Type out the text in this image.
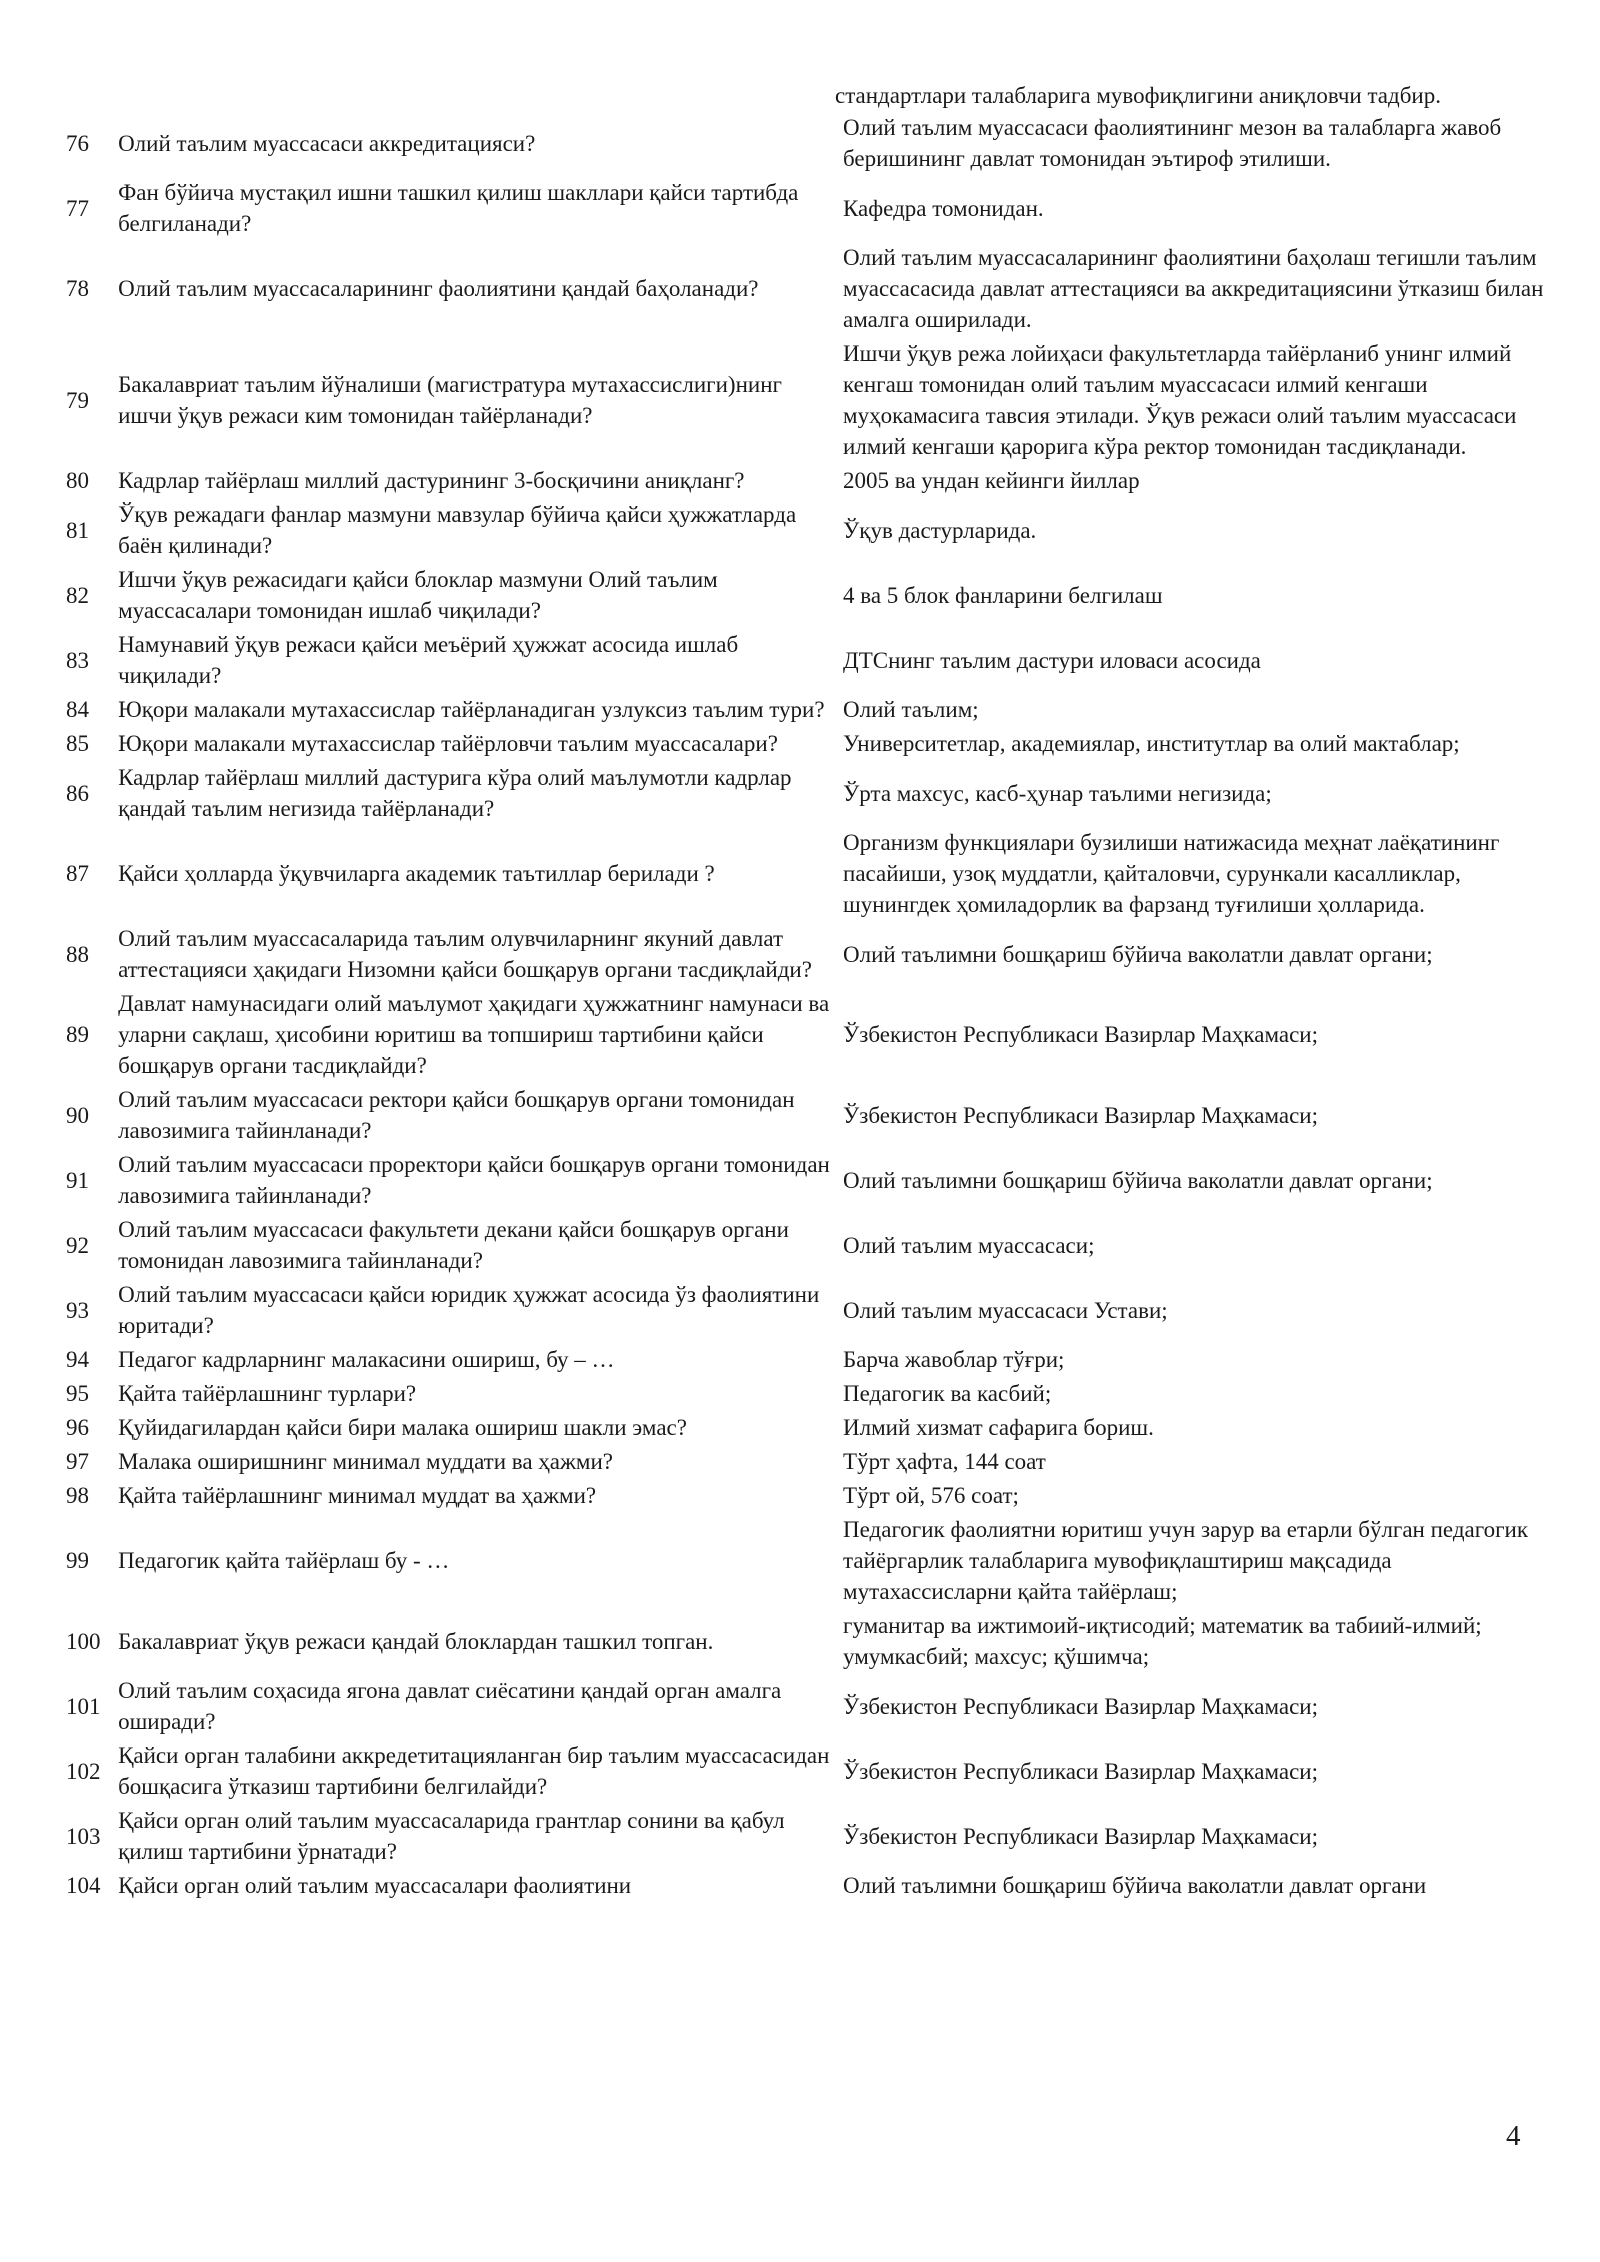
стандартлари талабларига мувофиқлигини аниқловчи тадбир.
76	Олий таълим муассасаси аккредитацияси?	Олий таълим муассасаси фаолиятининг мезон ва талабларга жавоб беришининг давлат томонидан эътироф этилиши.
77	Фан бўйича мустақил ишни ташкил қилиш шакллари қайси тартибда белгиланади?	Кафедра томонидан.
78	Олий таълим муассасаларининг фаолиятини қандай баҳоланади?	Олий таълим муассасаларининг фаолиятини баҳолаш тегишли таълим муассасасида давлат аттестацияси ва аккредитациясини ўтказиш билан амалга оширилади.
79	Бакалавриат таълим йўналиши (магистратура мутахассислиги)нинг ишчи ўқув режаси ким томонидан тайёрланади?	Ишчи ўқув режа лойиҳаси факультетларда тайёрланиб унинг илмий кенгаш томонидан олий таълим муассасаси илмий кенгаши муҳокамасига тавсия этилади. Ўқув режаси олий таълим муассасаси илмий кенгаши қарорига кўра ректор томонидан тасдиқланади.
80	Кадрлар тайёрлаш миллий дастурининг 3-босқичини аниқланг?	2005 ва ундан кейинги йиллар
81	Ўқув режадаги фанлар мазмуни мавзулар бўйича қайси ҳужжатларда баён қилинади?	Ўқув дастурларида.
82	Ишчи ўқув режасидаги қайси блоклар мазмуни Олий таълим муассасалари томонидан ишлаб чиқилади?	4 ва 5 блок фанларини белгилаш
83	Намунавий ўқув режаси қайси меъёрий ҳужжат асосида ишлаб чиқилади?	ДТСнинг таълим дастури иловаси асосида
84	Юқори малакали мутахассислар тайёрланадиган узлуксиз таълим тури?	Олий таълим;
85	Юқори малакали мутахассислар тайёрловчи таълим муассасалари?	Университетлар, академиялар, институтлар ва олий мактаблар;
86	Кадрлар тайёрлаш миллий дастурига кўра олий маълумотли кадрлар қандай таълим негизида тайёрланади?	Ўрта махсус, касб-ҳунар таълими негизида;
87	Қайси ҳолларда ўқувчиларга академик таътиллар берилади ?	Организм функциялари бузилиши натижасида меҳнат лаёқатининг пасайиши, узоқ муддатли, қайталовчи, сурункали касалликлар, шунингдек ҳомиладорлик ва фарзанд туғилиши ҳолларида.
88	Олий таълим муассасаларида таълим олувчиларнинг якуний давлат аттестацияси ҳақидаги Низомни қайси бошқарув органи тасдиқлайди?	Олий таълимни бошқариш бўйича ваколатли давлат органи;
89	Давлат намунасидаги олий маълумот ҳақидаги ҳужжатнинг намунаси ва уларни сақлаш, ҳисобини юритиш ва топшириш тартибини қайси бошқарув органи тасдиқлайди?	Ўзбекистон Республикаси Вазирлар Маҳкамаси;
90	Олий таълим муассасаси ректори қайси бошқарув органи томонидан лавозимига тайинланади?	Ўзбекистон Республикаси Вазирлар Маҳкамаси;
91	Олий таълим муассасаси проректори қайси бошқарув органи томонидан лавозимига тайинланади?	Олий таълимни бошқариш бўйича ваколатли давлат органи;
92	Олий таълим муассасаси факультети декани қайси бошқарув органи томонидан лавозимига тайинланади?	Олий таълим муассасаси;
93	Олий таълим муассасаси қайси юридик ҳужжат асосида ўз фаолиятини юритади?	Олий таълим муассасаси Устави;
94	Педагог кадрларнинг малакасини ошириш, бу – …	Барча жавоблар тўғри;
95	Қайта тайёрлашнинг турлари?	Педагогик ва касбий;
96	Қуйидагилардан қайси бири малака ошириш шакли эмас?	Илмий хизмат сафарига бориш.
97	Малака оширишнинг минимал муддати ва ҳажми?	Тўрт ҳафта, 144 соат
98	Қайта тайёрлашнинг минимал муддат ва ҳажми?	Тўрт ой, 576 соат;
99	Педагогик қайта тайёрлаш бу - …	Педагогик фаолиятни юритиш учун зарур ва етарли бўлган педагогик тайёргарлик талабларига мувофиқлаштириш мақсадида мутахассисларни қайта тайёрлаш;
100	Бакалавриат ўқув режаси қандай блоклардан ташкил топган.	гуманитар ва ижтимоий-иқтисодий; математик ва табиий-илмий; умумкасбий; махсус; қўшимча;
101	Олий таълим соҳасида ягона давлат сиёсатини қандай орган амалга оширади?	Ўзбекистон Республикаси Вазирлар Маҳкамаси;
102	Қайси орган талабини аккредетитациялaнган бир таълим муассасасидан бошқасига ўтказиш тартибини белгилайди?	Ўзбекистон Республикаси Вазирлар Маҳкамаси;
103	Қайси орган олий таълим муассасаларида грантлар сонини ва қабул қилиш тартибини ўрнатади?	Ўзбекистон Республикаси Вазирлар Маҳкамаси;
104	Қайси орган олий таълим муассасалари фаолиятини	Олий таълимни бошқариш бўйича ваколатли давлат органи
4
